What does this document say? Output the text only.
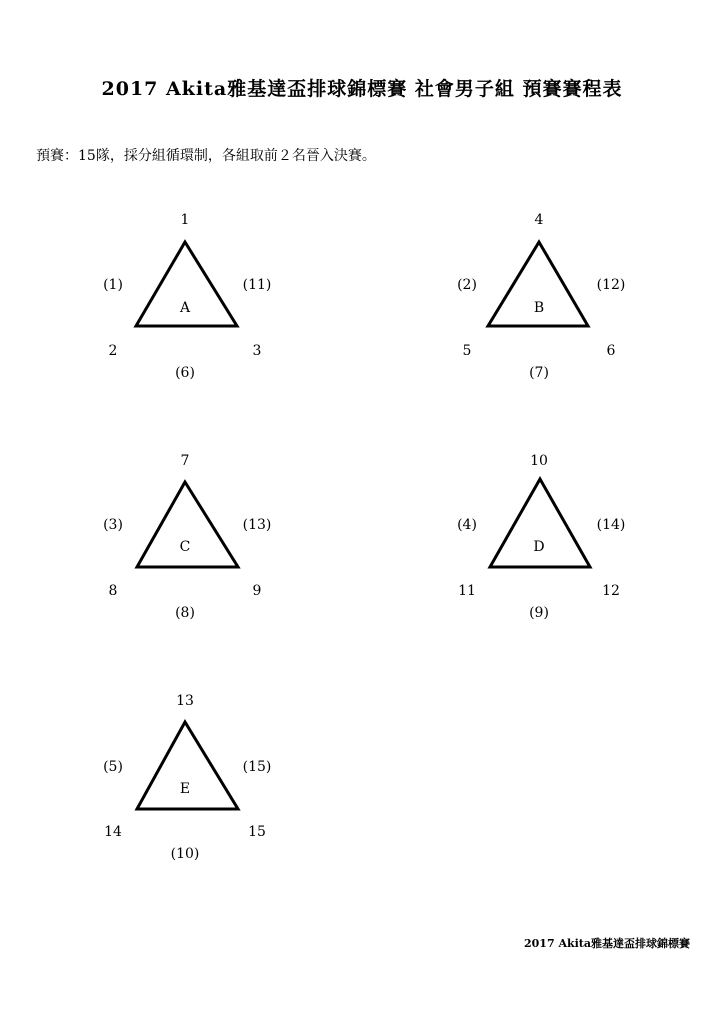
2017 Akita雅基達盃排球錦標賽 社會男子組 預賽賽程表
預賽：15隊，採分組循環制，各組取前２名晉入決賽。
1
(1)	(11)
A
2	3
(6)
4
(2)	(12)
B
5	6
(7)
7
(3)	(13)
C
8	9
(8)
10
(4)	(14)
D
11	12
(9)
13
(5)	(15)
E
14	15
(10)
2017 Akita雅基達盃排球錦標賽
